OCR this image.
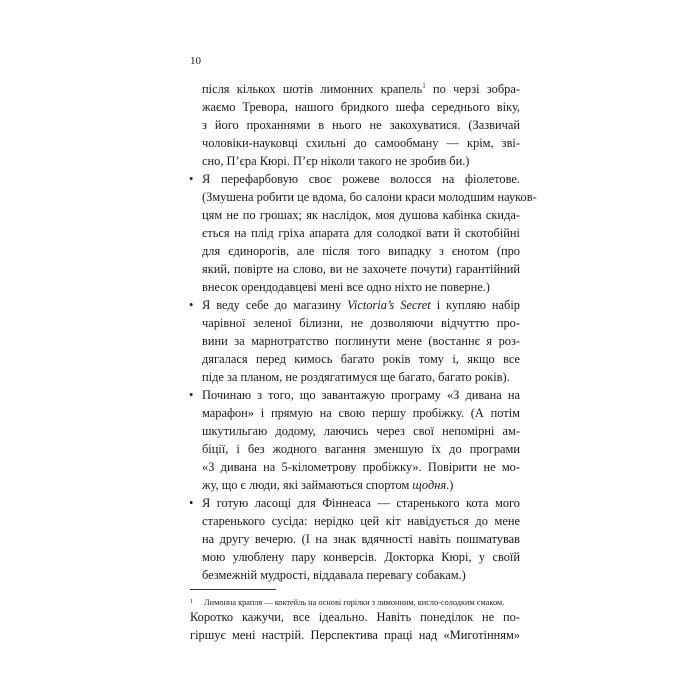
10
після кількох шотів лимонних крапель$^1$ по черзі зобра-
жаємо Тревора, нашого бридкого шефа середнього віку,
з його проханнями в нього не закохуватися. (Зазвичай
чоловіки-науковці схильні до самообману — крім, зві-
сно, П’єра Кюрі. П’єр ніколи такого не зробив би.)
• Я перефарбовую своє рожеве волосся на фіолетове.
(Змушена робити це вдома, бо салони краси молодшим науков-
цям не по грошах; як наслідок, моя душова кабінка скида-
ється на плід гріха апарата для солодкої вати й скотобійні
для єдинорогів, але після того випадку з єнотом (про
який, повірте на слово, ви не захочете почути) гарантійний
внесок орендодавцеві мені все одно ніхто не поверне.)
• Я веду себе до магазину Victoria’s Secret і купляю набір
чарівної зеленої білизни, не дозволяючи відчуттю про-
вини за марнотратство поглинути мене (востаннє я роз-
дягалася перед кимось багато років тому і, якщо все
піде за планом, не роздягатимуся ще багато, багато років).
• Починаю з того, що завантажую програму «З дивана на
марафон» і прямую на свою першу пробіжку. (А потім
шкутильгаю додому, лаючись через свої непомірні ам-
біції, і без жодного вагання зменшую їх до програми
«З дивана на 5-кілометрову пробіжку». Повірити не мо-
жу, що є люди, які займаються спортом щодня.)
• Я готую ласощі для Фіннеаса — старенького кота мого
старенького сусіда: нерідко цей кіт навідується до мене
на другу вечерю. (І на знак вдячності навіть пошматував
мою улюблену пару конверсів. Докторка Кюрі, у своїй
безмежній мудрості, віддавала перевагу собакам.)
Коротко кажучи, все ідеально. Навіть понеділок не по-
гіршує мені настрій. Перспектива праці над «Миготінням»
1 Лимонна крапля — коктейль на основі горілки з лимонним, кисло-солодким смаком.
